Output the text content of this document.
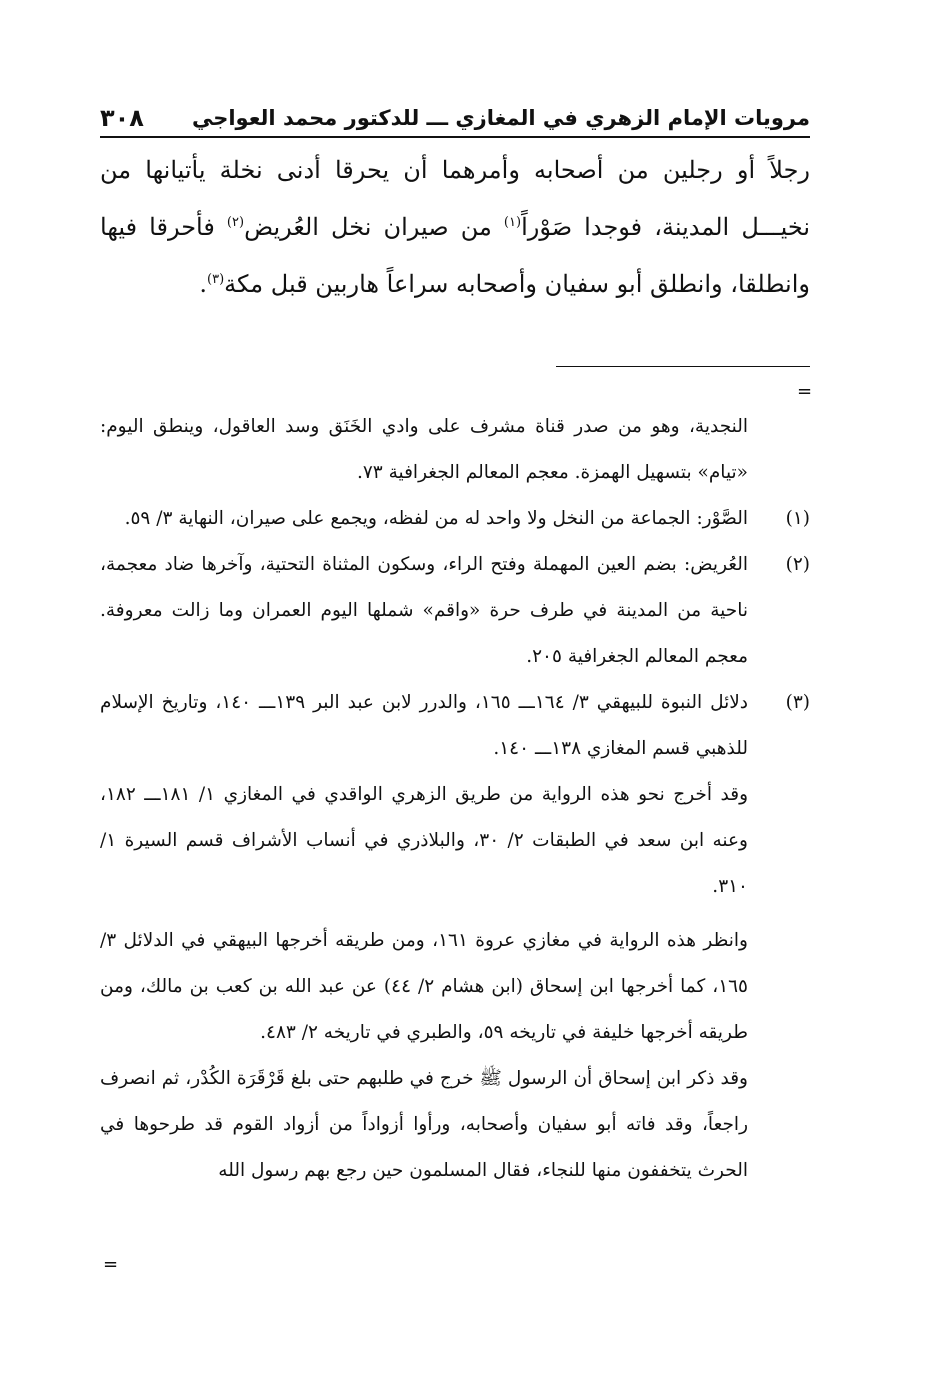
مرويات الإمام الزهري في المغازي ـــ للدكتور محمد العواجي
٣٠٨

رجلاً أو رجلين من أصحابه وأمرهما أن يحرقا أدنى نخلة يأتيانها من نخيـــل المدينة، فوجدا صَوْراً$^{(١)}$ من صيران نخل العُريض$^{(٢)}$ فأحرقا فيها وانطلقا، وانطلق أبو سفيان وأصحابه سراعاً هاربين قبل مكة$^{(٣)}$.

=

النجدية، وهو من صدر قناة مشرف على وادي الخَنَق وسد العاقول، وينطق اليوم: «تيام» بتسهيل الهمزة. معجم المعالم الجغرافية ٧٣.

(١)
الصَّوْر: الجماعة من النخل ولا واحد له من لفظه، ويجمع على صيران، النهاية ٣/ ٥٩.
(٢)
العُريض: بضم العين المهملة وفتح الراء، وسكون المثناة التحتية، وآخرها ضاد معجمة، ناحية من المدينة في طرف حرة «واقم» شملها اليوم العمران وما زالت معروفة. معجم المعالم الجغرافية ٢٠٥.
(٣)
دلائل النبوة للبيهقي ٣/ ١٦٤ـــ ١٦٥، والدرر لابن عبد البر ١٣٩ـــ ١٤٠، وتاريخ الإسلام للذهبي قسم المغازي ١٣٨ـــ ١٤٠.

وقد أخرج نحو هذه الرواية من طريق الزهري الواقدي في المغازي ١/ ١٨١ـــ ١٨٢، وعنه ابن سعد في الطبقات ٢/ ٣٠، والبلاذري في أنساب الأشراف قسم السيرة ١/ ٣١٠.

وانظر هذه الرواية في مغازي عروة ١٦١، ومن طريقه أخرجها البيهقي في الدلائل ٣/ ١٦٥، كما أخرجها ابن إسحاق (ابن هشام ٢/ ٤٤) عن عبد الله بن كعب بن مالك، ومن طريقه أخرجها خليفة في تاريخه ٥٩، والطبري في تاريخه ٢/ ٤٨٣.

وقد ذكر ابن إسحاق أن الرسول ﷺ خرج في طلبهم حتى بلغ قَرْقَرَة الكُدْر، ثم انصرف راجعاً، وقد فاته أبو سفيان وأصحابه، ورأوا أزواداً من أزواد القوم قد طرحوها في الحرث يتخففون منها للنجاء، فقال المسلمون حين رجع بهم رسول الله

=
